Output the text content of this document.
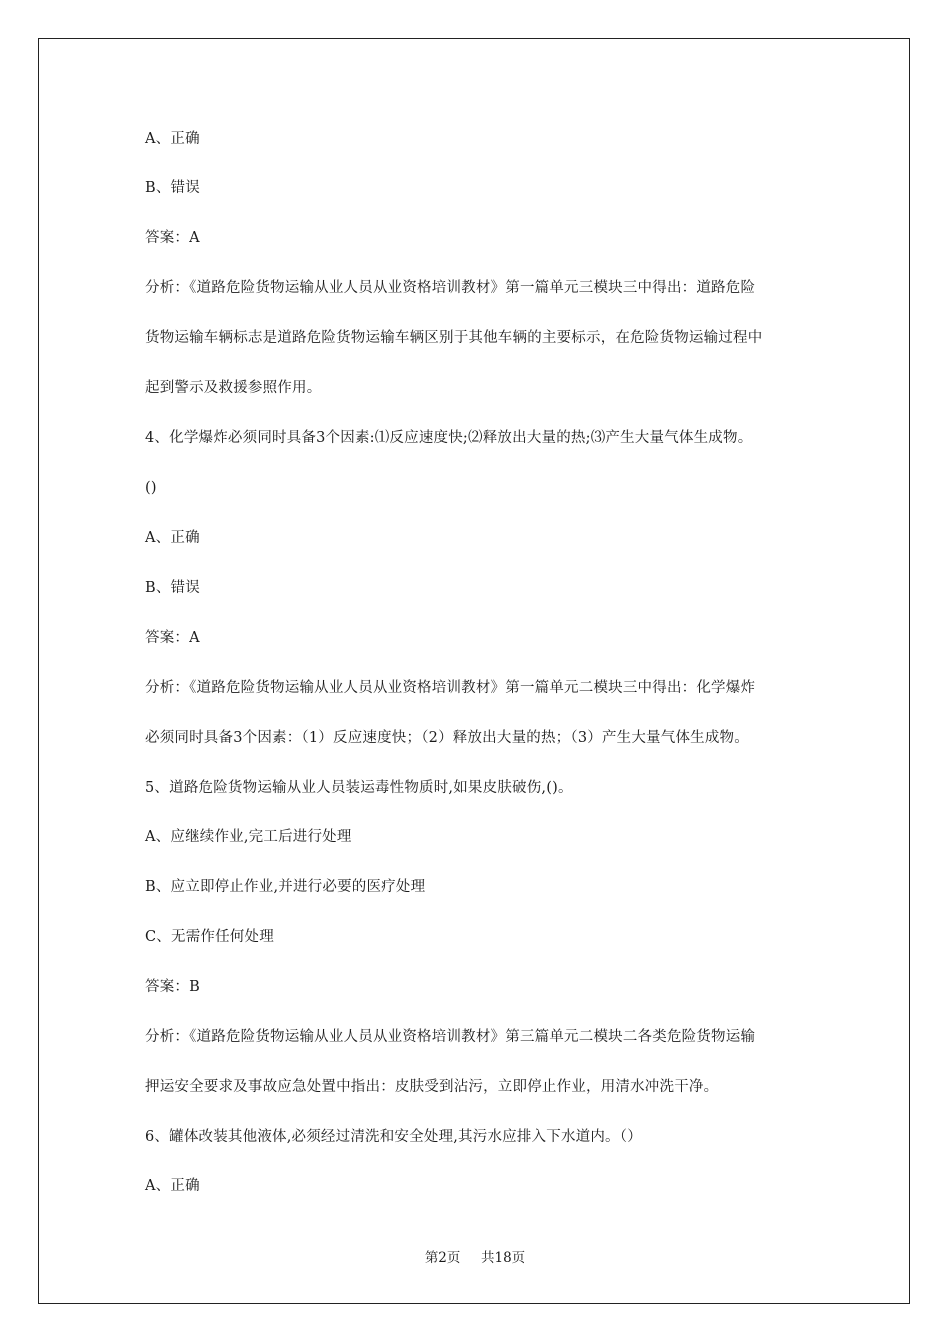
A、正确
B、错误
答案：A
分析：《道路危险货物运输从业人员从业资格培训教材》第一篇单元三模块三中得出：道路危险
货物运输车辆标志是道路危险货物运输车辆区别于其他车辆的主要标示，在危险货物运输过程中
起到警示及救援参照作用。
4、化学爆炸必须同时具备3个因素:⑴反应速度快;⑵释放出大量的热;⑶产生大量气体生成物。
()
A、正确
B、错误
答案：A
分析：《道路危险货物运输从业人员从业资格培训教材》第一篇单元二模块三中得出：化学爆炸
必须同时具备3个因素：（1）反应速度快；（2）释放出大量的热；（3）产生大量气体生成物。
5、道路危险货物运输从业人员装运毒性物质时,如果皮肤破伤,()。
A、应继续作业,完工后进行处理
B、应立即停止作业,并进行必要的医疗处理
C、无需作任何处理
答案：B
分析：《道路危险货物运输从业人员从业资格培训教材》第三篇单元二模块二各类危险货物运输
押运安全要求及事故应急处置中指出：皮肤受到沾污，立即停止作业，用清水冲洗干净。
6、罐体改装其他液体,必须经过清洗和安全处理,其污水应排入下水道内。（）
A、正确
第2页 共18页
